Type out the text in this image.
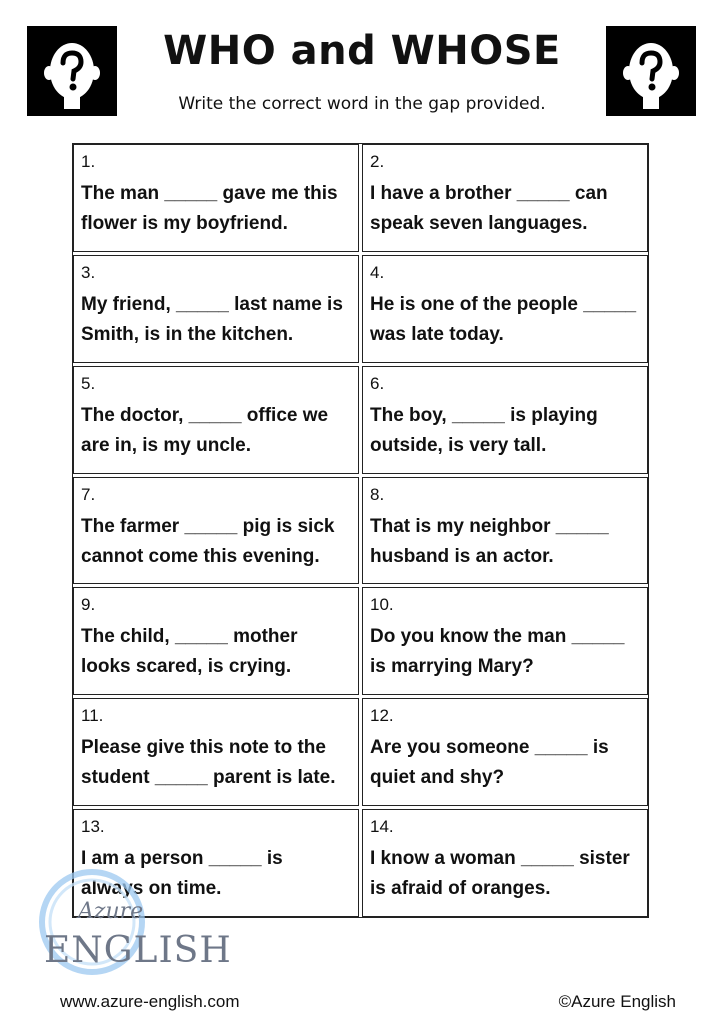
WHO and WHOSE
Write the correct word in the gap provided.
1.
The man _____ gave me this flower is my boyfriend.
2.
I have a brother _____ can speak seven languages.
3.
My friend, _____ last name is Smith, is in the kitchen.
4.
He is one of the people _____ was late today.
5.
The doctor, _____ office we are in, is my uncle.
6.
The boy, _____ is playing outside, is very tall.
7.
The farmer _____ pig is sick cannot come this evening.
8.
That is my neighbor _____ husband is an actor.
9.
The child, _____ mother looks scared, is crying.
10.
Do you know the man _____ is marrying Mary?
11.
Please give this note to the student _____ parent is late.
12.
Are you someone _____ is quiet and shy?
13.
I am a person _____ is always on time.
14.
I know a woman _____ sister is afraid of oranges.
Azure
ENGLISH
www.azure-english.com	©Azure English
